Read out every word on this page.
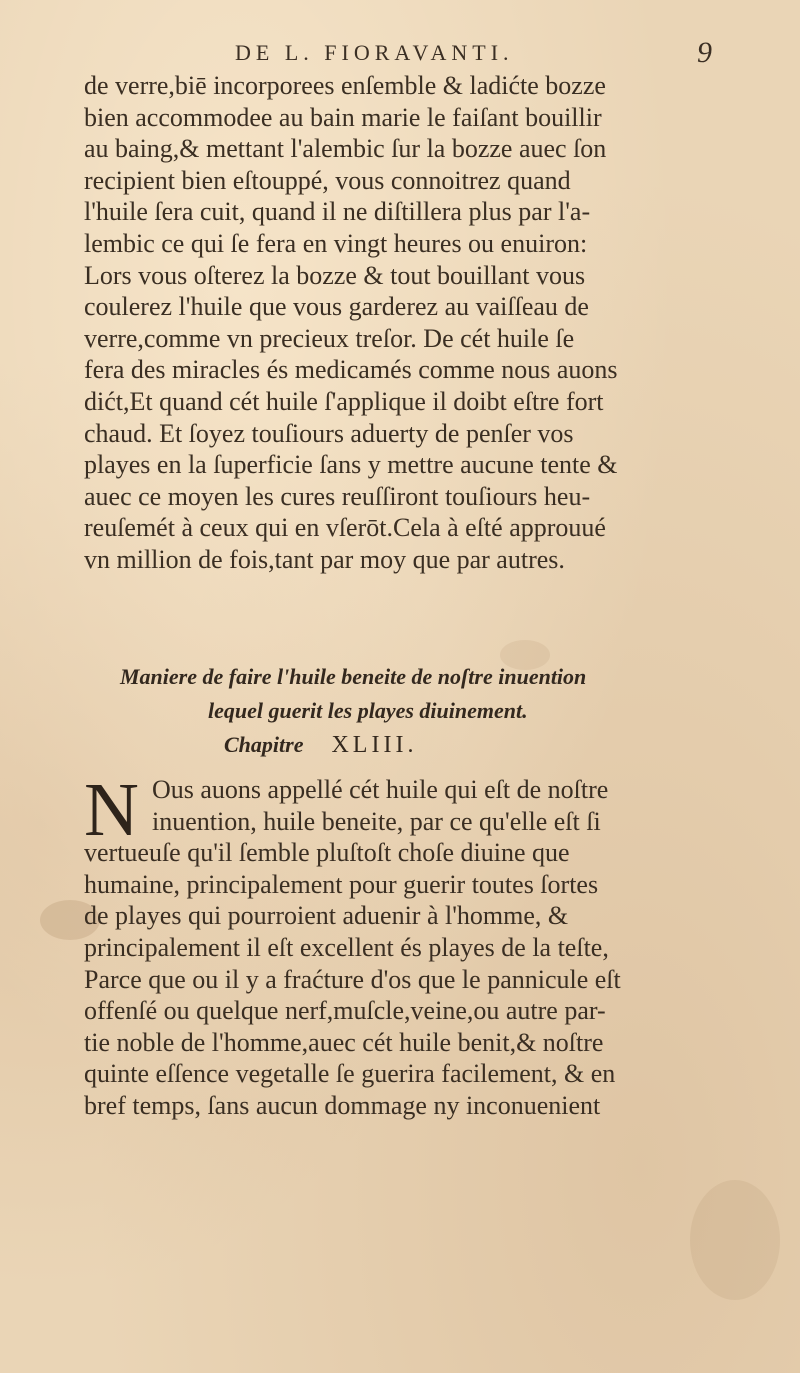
DE L. FIORAVANTI.	9
de verre,biē incorporees enſemble & ladićte bozze
bien accommodee au bain marie le faiſant bouillir
au baing,& mettant l'alembic ſur la bozze auec ſon
recipient bien eſtouppé, vous connoitrez quand
l'huile ſera cuit, quand il ne diſtillera plus par l'a-
lembic ce qui ſe fera en vingt heures ou enuiron:
Lors vous oſterez la bozze & tout bouillant vous
coulerez l'huile que vous garderez au vaiſſeau de
verre,comme vn precieux treſor. De cét huile ſe
fera des miracles és medicamés comme nous auons
dićt,Et quand cét huile ſ'applique il doibt eſtre fort
chaud. Et ſoyez touſiours aduerty de penſer vos
playes en la ſuperficie ſans y mettre aucune tente &
auec ce moyen les cures reuſſiront touſiours heu-
reuſemét à ceux qui en vſerōt.Cela à eſté approuué
vn million de fois,tant par moy que par autres.
Maniere de faire l'huile beneite de noſtre inuention
lequel guerit les playes diuinement.
Chapitre XLIII.
N Ous auons appellé cét huile qui eſt de noſtre
inuention, huile beneite, par ce qu'elle eſt ſi
vertueuſe qu'il ſemble pluſtoſt choſe diuine que
humaine, principalement pour guerir toutes ſortes
de playes qui pourroient aduenir à l'homme, &
principalement il eſt excellent és playes de la teſte,
Parce que ou il y a fraćture d'os que le pannicule eſt
offenſé ou quelque nerf,muſcle,veine,ou autre par-
tie noble de l'homme,auec cét huile benit,& noſtre
quinte eſſence vegetalle ſe guerira facilement, & en
bref temps, ſans aucun dommage ny inconuenient
